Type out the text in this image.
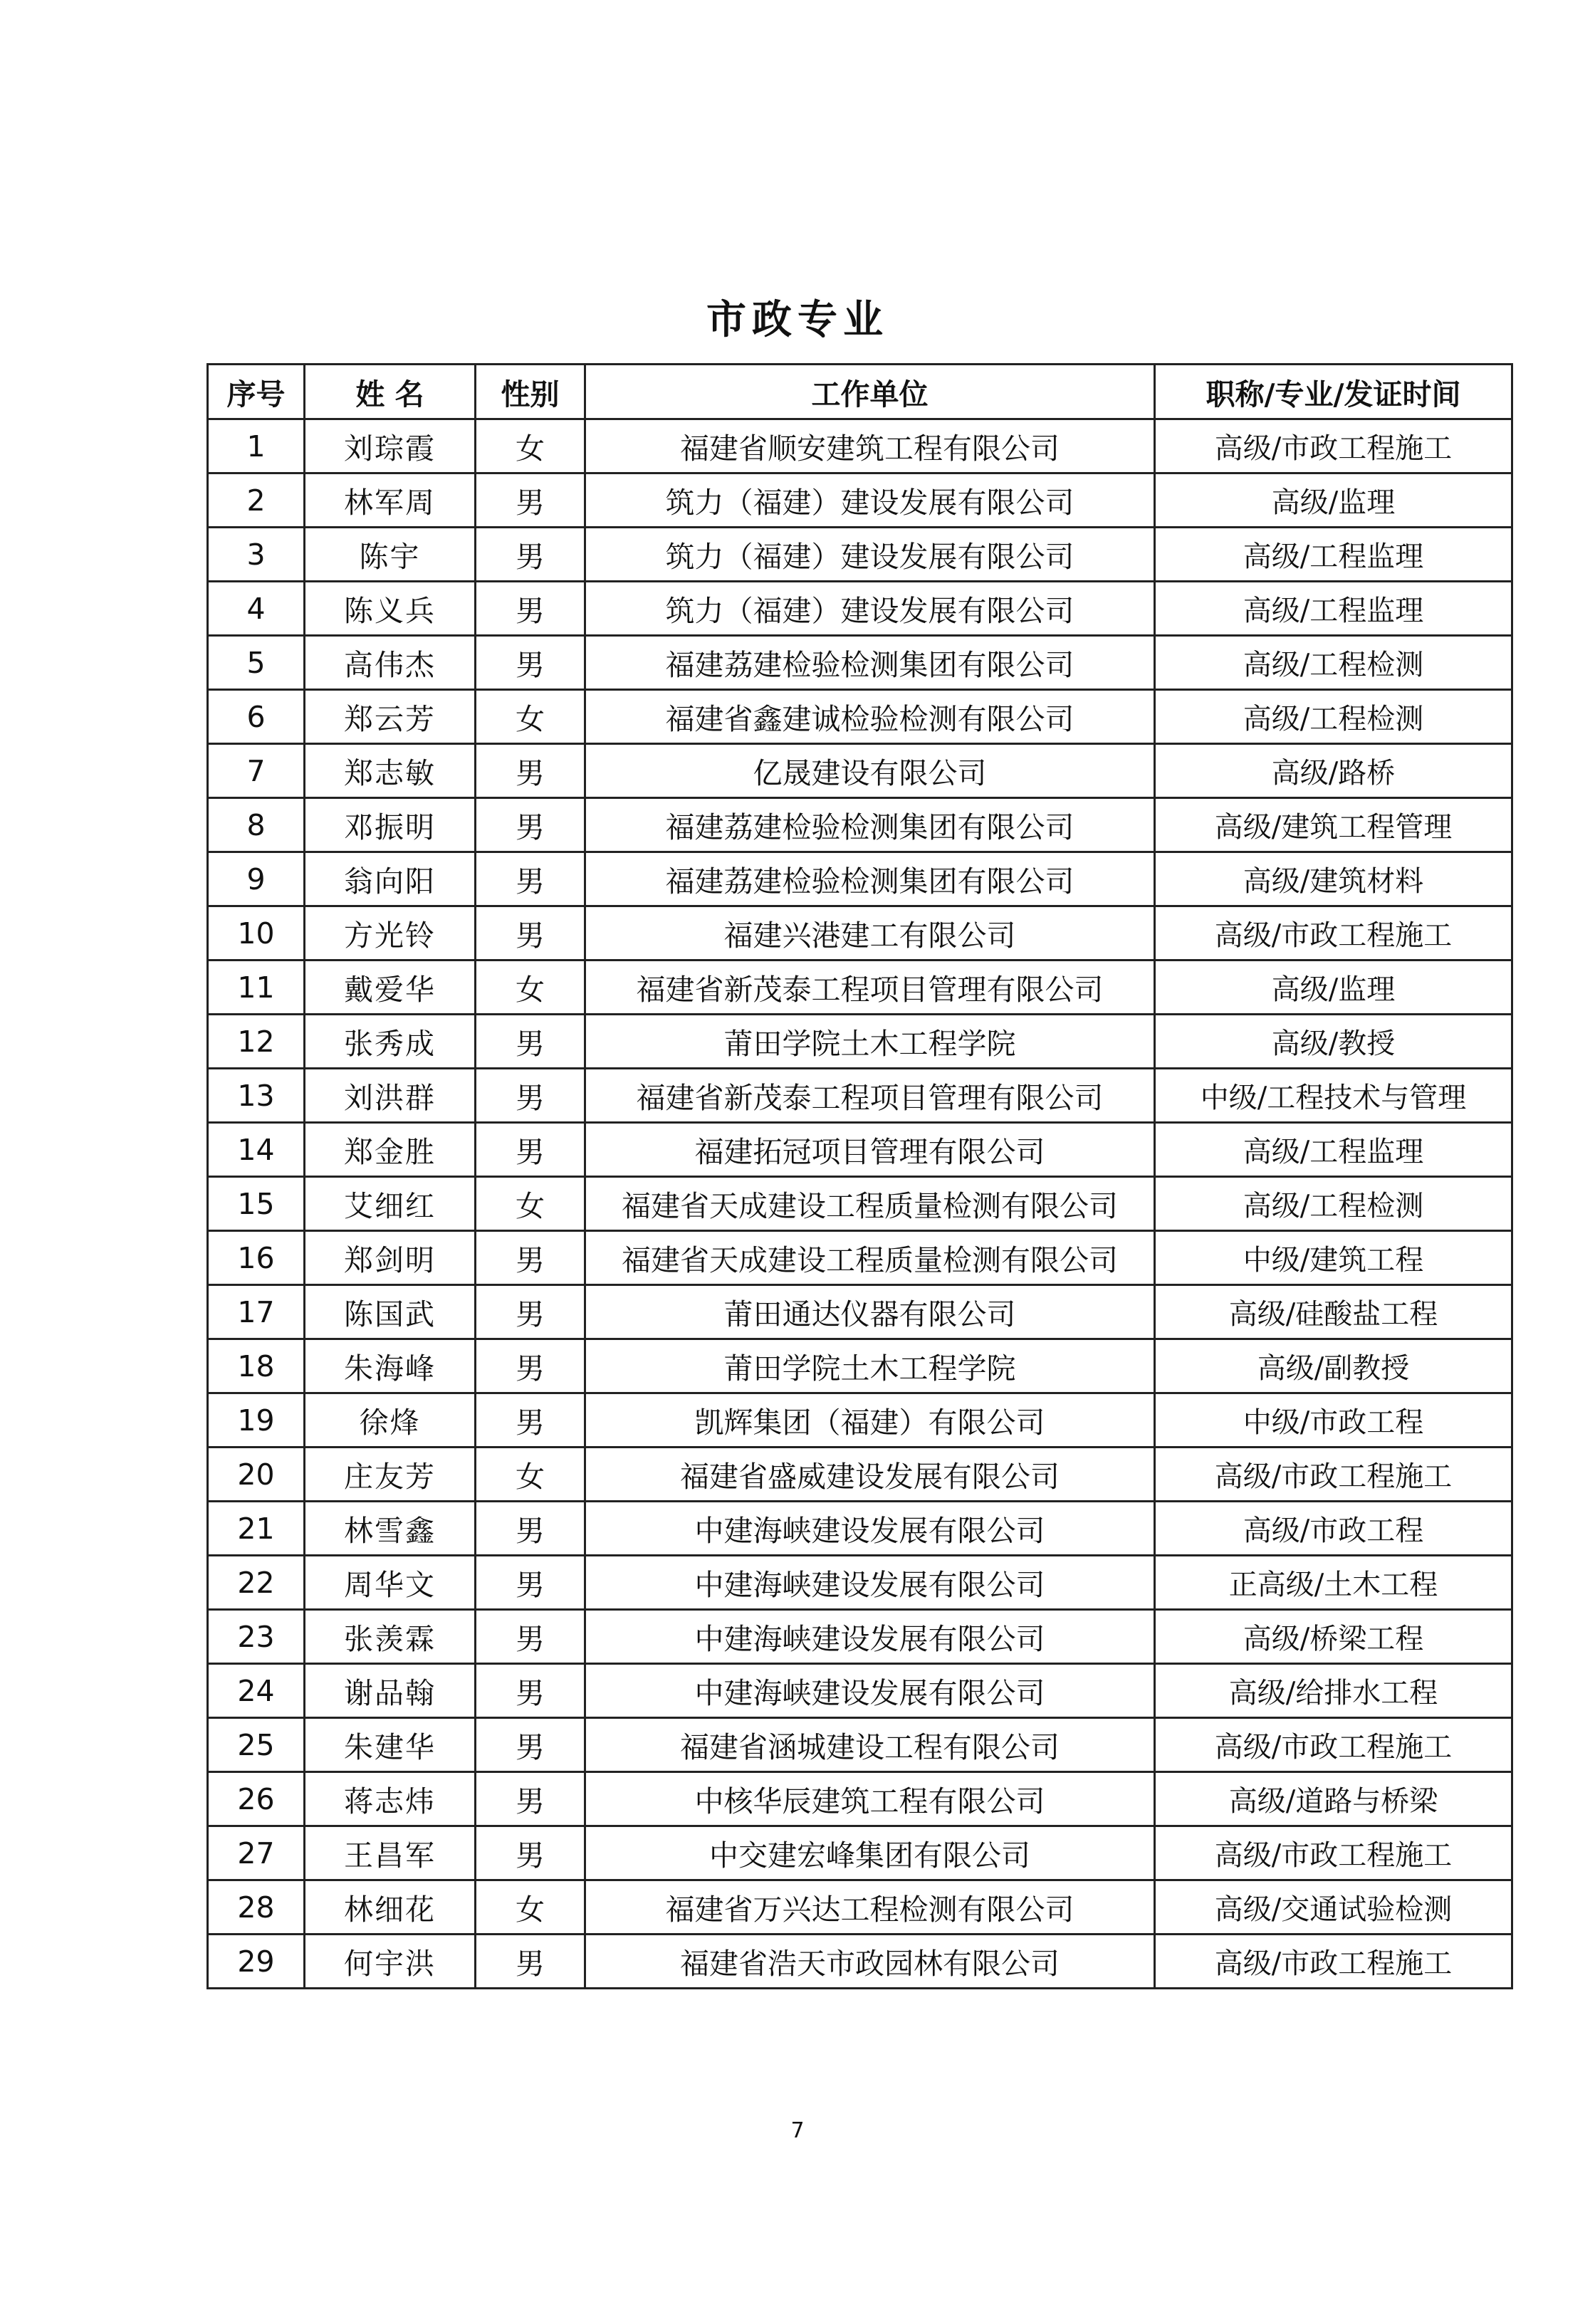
市政专业
序号	姓 名	性别	工作单位	职称/专业/发证时间
1	刘琮霞	女	福建省顺安建筑工程有限公司	高级/市政工程施工
2	林军周	男	筑力（福建）建设发展有限公司	高级/监理
3	陈宇	男	筑力（福建）建设发展有限公司	高级/工程监理
4	陈义兵	男	筑力（福建）建设发展有限公司	高级/工程监理
5	高伟杰	男	福建荔建检验检测集团有限公司	高级/工程检测
6	郑云芳	女	福建省鑫建诚检验检测有限公司	高级/工程检测
7	郑志敏	男	亿晟建设有限公司	高级/路桥
8	邓振明	男	福建荔建检验检测集团有限公司	高级/建筑工程管理
9	翁向阳	男	福建荔建检验检测集团有限公司	高级/建筑材料
10	方光铃	男	福建兴港建工有限公司	高级/市政工程施工
11	戴爱华	女	福建省新茂泰工程项目管理有限公司	高级/监理
12	张秀成	男	莆田学院土木工程学院	高级/教授
13	刘洪群	男	福建省新茂泰工程项目管理有限公司	中级/工程技术与管理
14	郑金胜	男	福建拓冠项目管理有限公司	高级/工程监理
15	艾细红	女	福建省天成建设工程质量检测有限公司	高级/工程检测
16	郑剑明	男	福建省天成建设工程质量检测有限公司	中级/建筑工程
17	陈国武	男	莆田通达仪器有限公司	高级/硅酸盐工程
18	朱海峰	男	莆田学院土木工程学院	高级/副教授
19	徐烽	男	凯辉集团（福建）有限公司	中级/市政工程
20	庄友芳	女	福建省盛威建设发展有限公司	高级/市政工程施工
21	林雪鑫	男	中建海峡建设发展有限公司	高级/市政工程
22	周华文	男	中建海峡建设发展有限公司	正高级/土木工程
23	张羡霖	男	中建海峡建设发展有限公司	高级/桥梁工程
24	谢品翰	男	中建海峡建设发展有限公司	高级/给排水工程
25	朱建华	男	福建省涵城建设工程有限公司	高级/市政工程施工
26	蒋志炜	男	中核华辰建筑工程有限公司	高级/道路与桥梁
27	王昌军	男	中交建宏峰集团有限公司	高级/市政工程施工
28	林细花	女	福建省万兴达工程检测有限公司	高级/交通试验检测
29	何宇洪	男	福建省浩天市政园林有限公司	高级/市政工程施工
7
